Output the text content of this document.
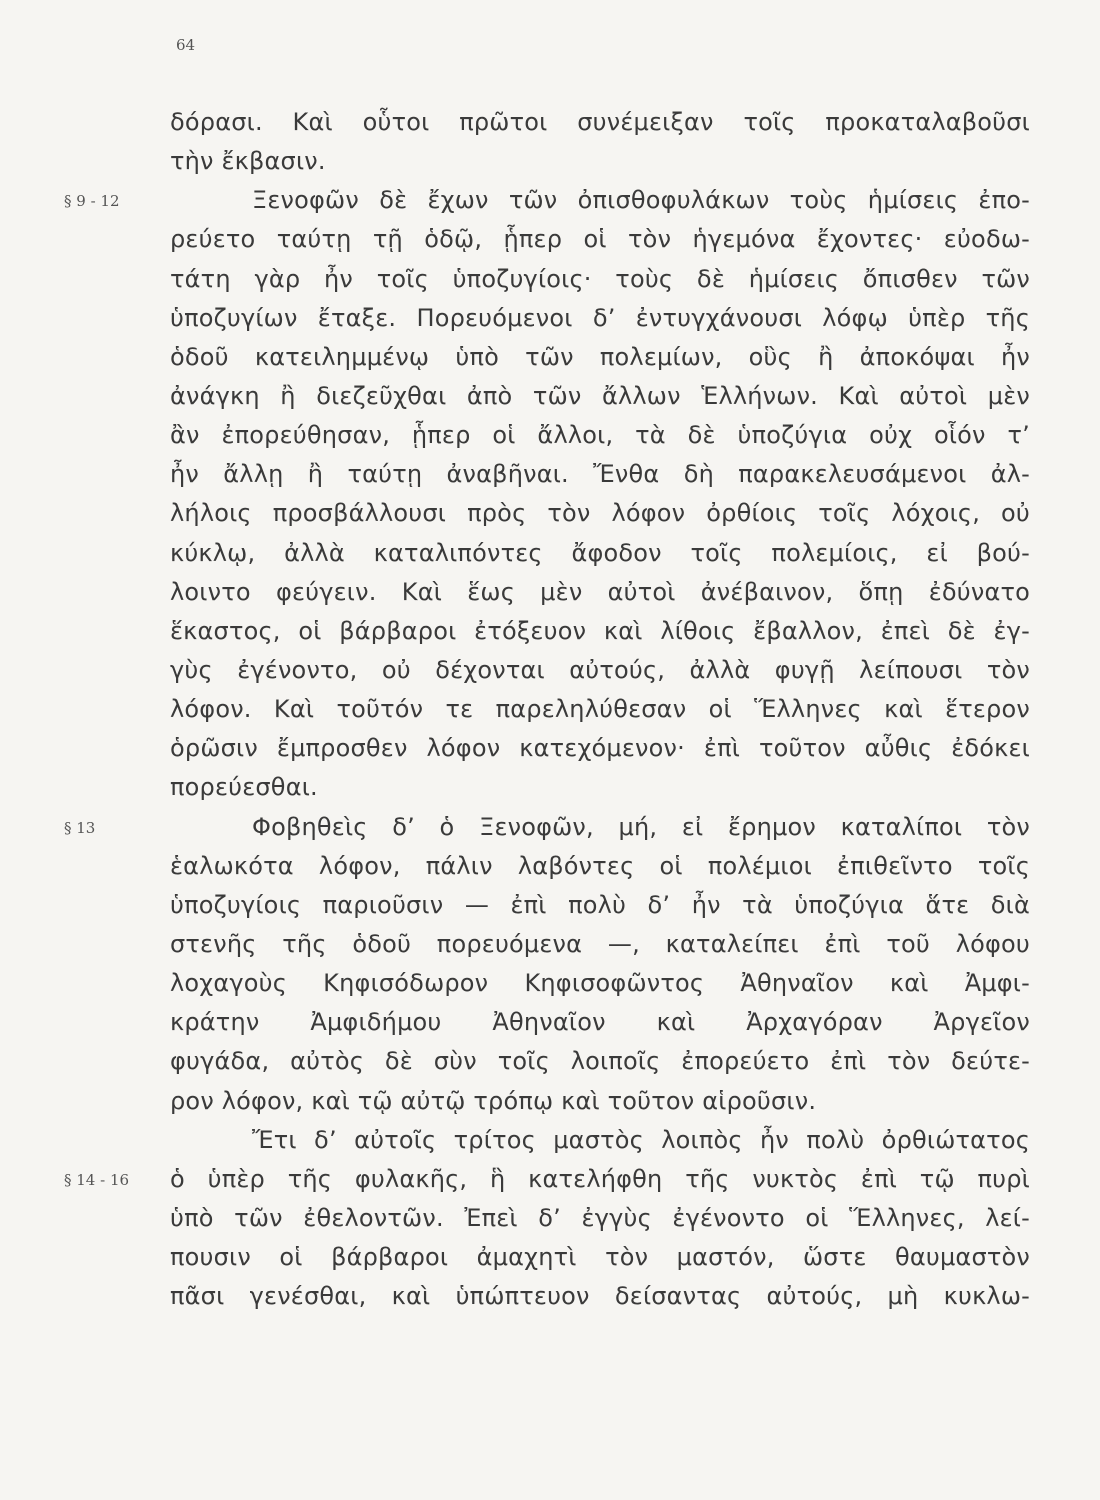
64
§ 9 - 12
§ 13
§ 14 - 16
δόρασι. Καὶ οὗτοι πρῶτοι συνέμειξαν τοῖς προκαταλαβοῦσι
τὴν ἔκβασιν.
Ξενοφῶν δὲ ἔχων τῶν ὀπισθοφυλάκων τοὺς ἡμίσεις ἐπο-
ρεύετο ταύτῃ τῇ ὁδῷ, ᾗπερ οἱ τὸν ἡγεμόνα ἔχοντες· εὐοδω-
τάτη γὰρ ἦν τοῖς ὑποζυγίοις· τοὺς δὲ ἡμίσεις ὄπισθεν τῶν
ὑποζυγίων ἔταξε. Πορευόμενοι δ’ ἐντυγχάνουσι λόφῳ ὑπὲρ τῆς
ὁδοῦ κατειλημμένῳ ὑπὸ τῶν πολεμίων, οὓς ἢ ἀποκόψαι ἦν
ἀνάγκη ἢ διεζεῦχθαι ἀπὸ τῶν ἄλλων Ἑλλήνων. Καὶ αὐτοὶ μὲν
ἂν ἐπορεύθησαν, ᾗπερ οἱ ἄλλοι, τὰ δὲ ὑποζύγια οὐχ οἷόν τ’
ἦν ἄλλῃ ἢ ταύτῃ ἀναβῆναι. Ἔνθα δὴ παρακελευσάμενοι ἀλ-
λήλοις προσβάλλουσι πρὸς τὸν λόφον ὀρθίοις τοῖς λόχοις, οὐ
κύκλῳ, ἀλλὰ καταλιπόντες ἄφοδον τοῖς πολεμίοις, εἰ βού-
λοιντο φεύγειν. Καὶ ἕως μὲν αὐτοὶ ἀνέβαινον, ὅπῃ ἐδύνατο
ἕκαστος, οἱ βάρβαροι ἐτόξευον καὶ λίθοις ἔβαλλον, ἐπεὶ δὲ ἐγ-
γὺς ἐγένοντο, οὐ δέχονται αὐτούς, ἀλλὰ φυγῇ λείπουσι τὸν
λόφον. Καὶ τοῦτόν τε παρεληλύθεσαν οἱ Ἕλληνες καὶ ἕτερον
ὁρῶσιν ἔμπροσθεν λόφον κατεχόμενον· ἐπὶ τοῦτον αὖθις ἐδόκει
πορεύεσθαι.
Φοβηθεὶς δ’ ὁ Ξενοφῶν, μή, εἰ ἔρημον καταλίποι τὸν
ἑαλωκότα λόφον, πάλιν λαβόντες οἱ πολέμιοι ἐπιθεῖντο τοῖς
ὑποζυγίοις παριοῦσιν — ἐπὶ πολὺ δ’ ἦν τὰ ὑποζύγια ἅτε διὰ
στενῆς τῆς ὁδοῦ πορευόμενα —, καταλείπει ἐπὶ τοῦ λόφου
λοχαγοὺς Κηφισόδωρον Κηφισοφῶντος Ἀθηναῖον καὶ Ἀμφι-
κράτην Ἀμφιδήμου Ἀθηναῖον καὶ Ἀρχαγόραν Ἀργεῖον
φυγάδα, αὐτὸς δὲ σὺν τοῖς λοιποῖς ἐπορεύετο ἐπὶ τὸν δεύτε-
ρον λόφον, καὶ τῷ αὐτῷ τρόπῳ καὶ τοῦτον αἱροῦσιν.
Ἔτι δ’ αὐτοῖς τρίτος μαστὸς λοιπὸς ἦν πολὺ ὀρθιώτατος
ὁ ὑπὲρ τῆς φυλακῆς, ἣ κατελήφθη τῆς νυκτὸς ἐπὶ τῷ πυρὶ
ὑπὸ τῶν ἐθελοντῶν. Ἐπεὶ δ’ ἐγγὺς ἐγένοντο οἱ Ἕλληνες, λεί-
πουσιν οἱ βάρβαροι ἀμαχητὶ τὸν μαστόν, ὥστε θαυμαστὸν
πᾶσι γενέσθαι, καὶ ὑπώπτευον δείσαντας αὐτούς, μὴ κυκλω-
